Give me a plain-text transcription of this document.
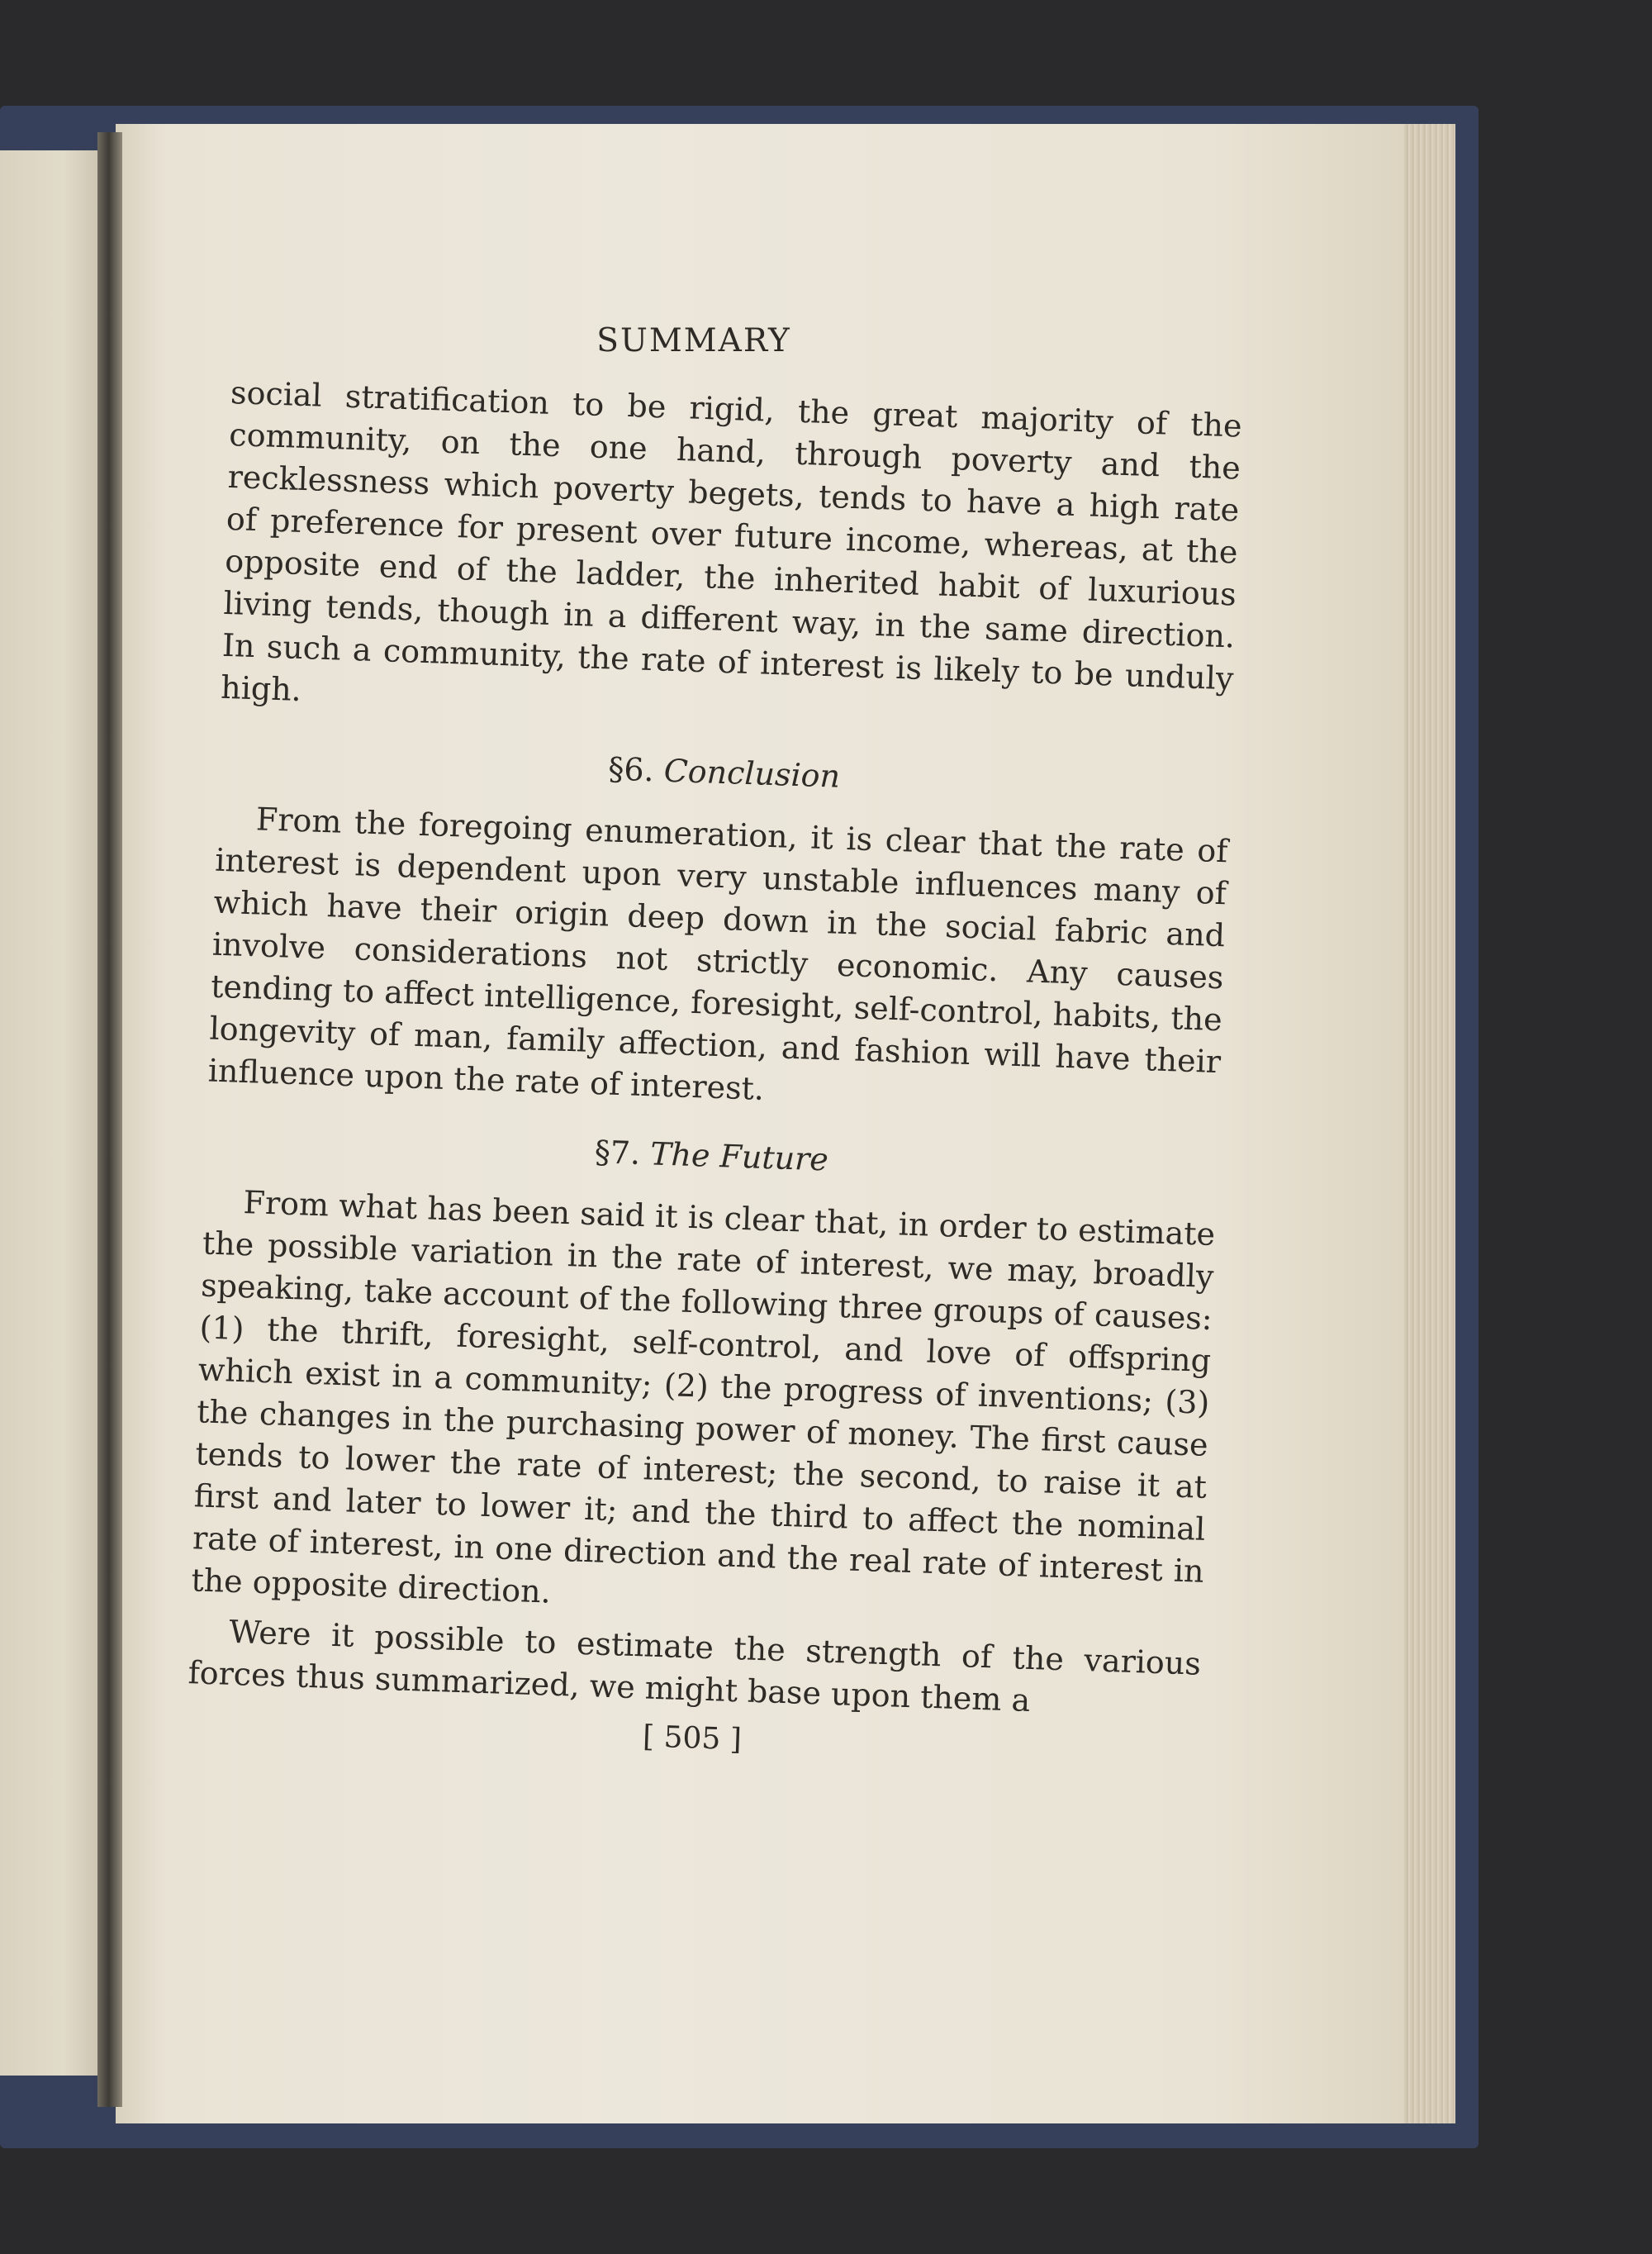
SUMMARY

social stratification to be rigid, the great majority of the community, on the one hand, through poverty and the recklessness which poverty begets, tends to have a high rate of preference for present over future income, whereas, at the opposite end of the ladder, the inherited habit of luxurious living tends, though in a different way, in the same direction. In such a community, the rate of interest is likely to be unduly high.

§6. Conclusion

From the foregoing enumeration, it is clear that the rate of interest is dependent upon very unstable influences many of which have their origin deep down in the social fabric and involve considerations not strictly economic. Any causes tending to affect intelligence, foresight, self-control, habits, the longevity of man, family affection, and fashion will have their influence upon the rate of interest.

§7. The Future

From what has been said it is clear that, in order to estimate the possible variation in the rate of interest, we may, broadly speaking, take account of the following three groups of causes: (1) the thrift, foresight, self-control, and love of offspring which exist in a community; (2) the progress of inventions; (3) the changes in the purchasing power of money. The first cause tends to lower the rate of interest; the second, to raise it at first and later to lower it; and the third to affect the nominal rate of interest, in one direction and the real rate of interest in the opposite direction.

Were it possible to estimate the strength of the various forces thus summarized, we might base upon them a

[ 505 ]
